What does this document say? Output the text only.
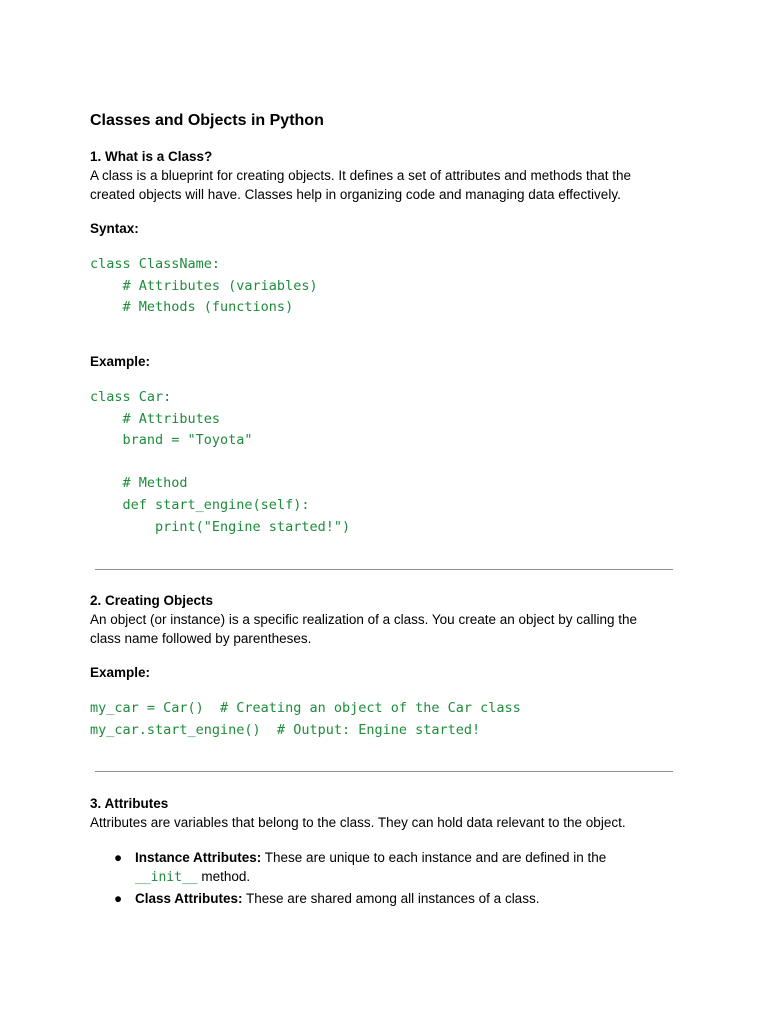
Classes and Objects in Python
1. What is a Class?

A class is a blueprint for creating objects. It defines a set of attributes and methods that the

created objects will have. Classes help in organizing code and managing data effectively.

Syntax:

class ClassName:
# Attributes (variables)
# Methods (functions)

Example:

class Car:
# Attributes
brand = "Toyota"

# Method
def start_engine(self):
print("Engine started!")
2. Creating Objects

An object (or instance) is a specific realization of a class. You create an object by calling the

class name followed by parentheses.

Example:

my_car = Car()  # Creating an object of the Car class
my_car.start_engine()  # Output: Engine started!
3. Attributes

Attributes are variables that belong to the class. They can hold data relevant to the object.

● Instance Attributes: These are unique to each instance and are defined in the
__init__ method.
● Class Attributes: These are shared among all instances of a class.
